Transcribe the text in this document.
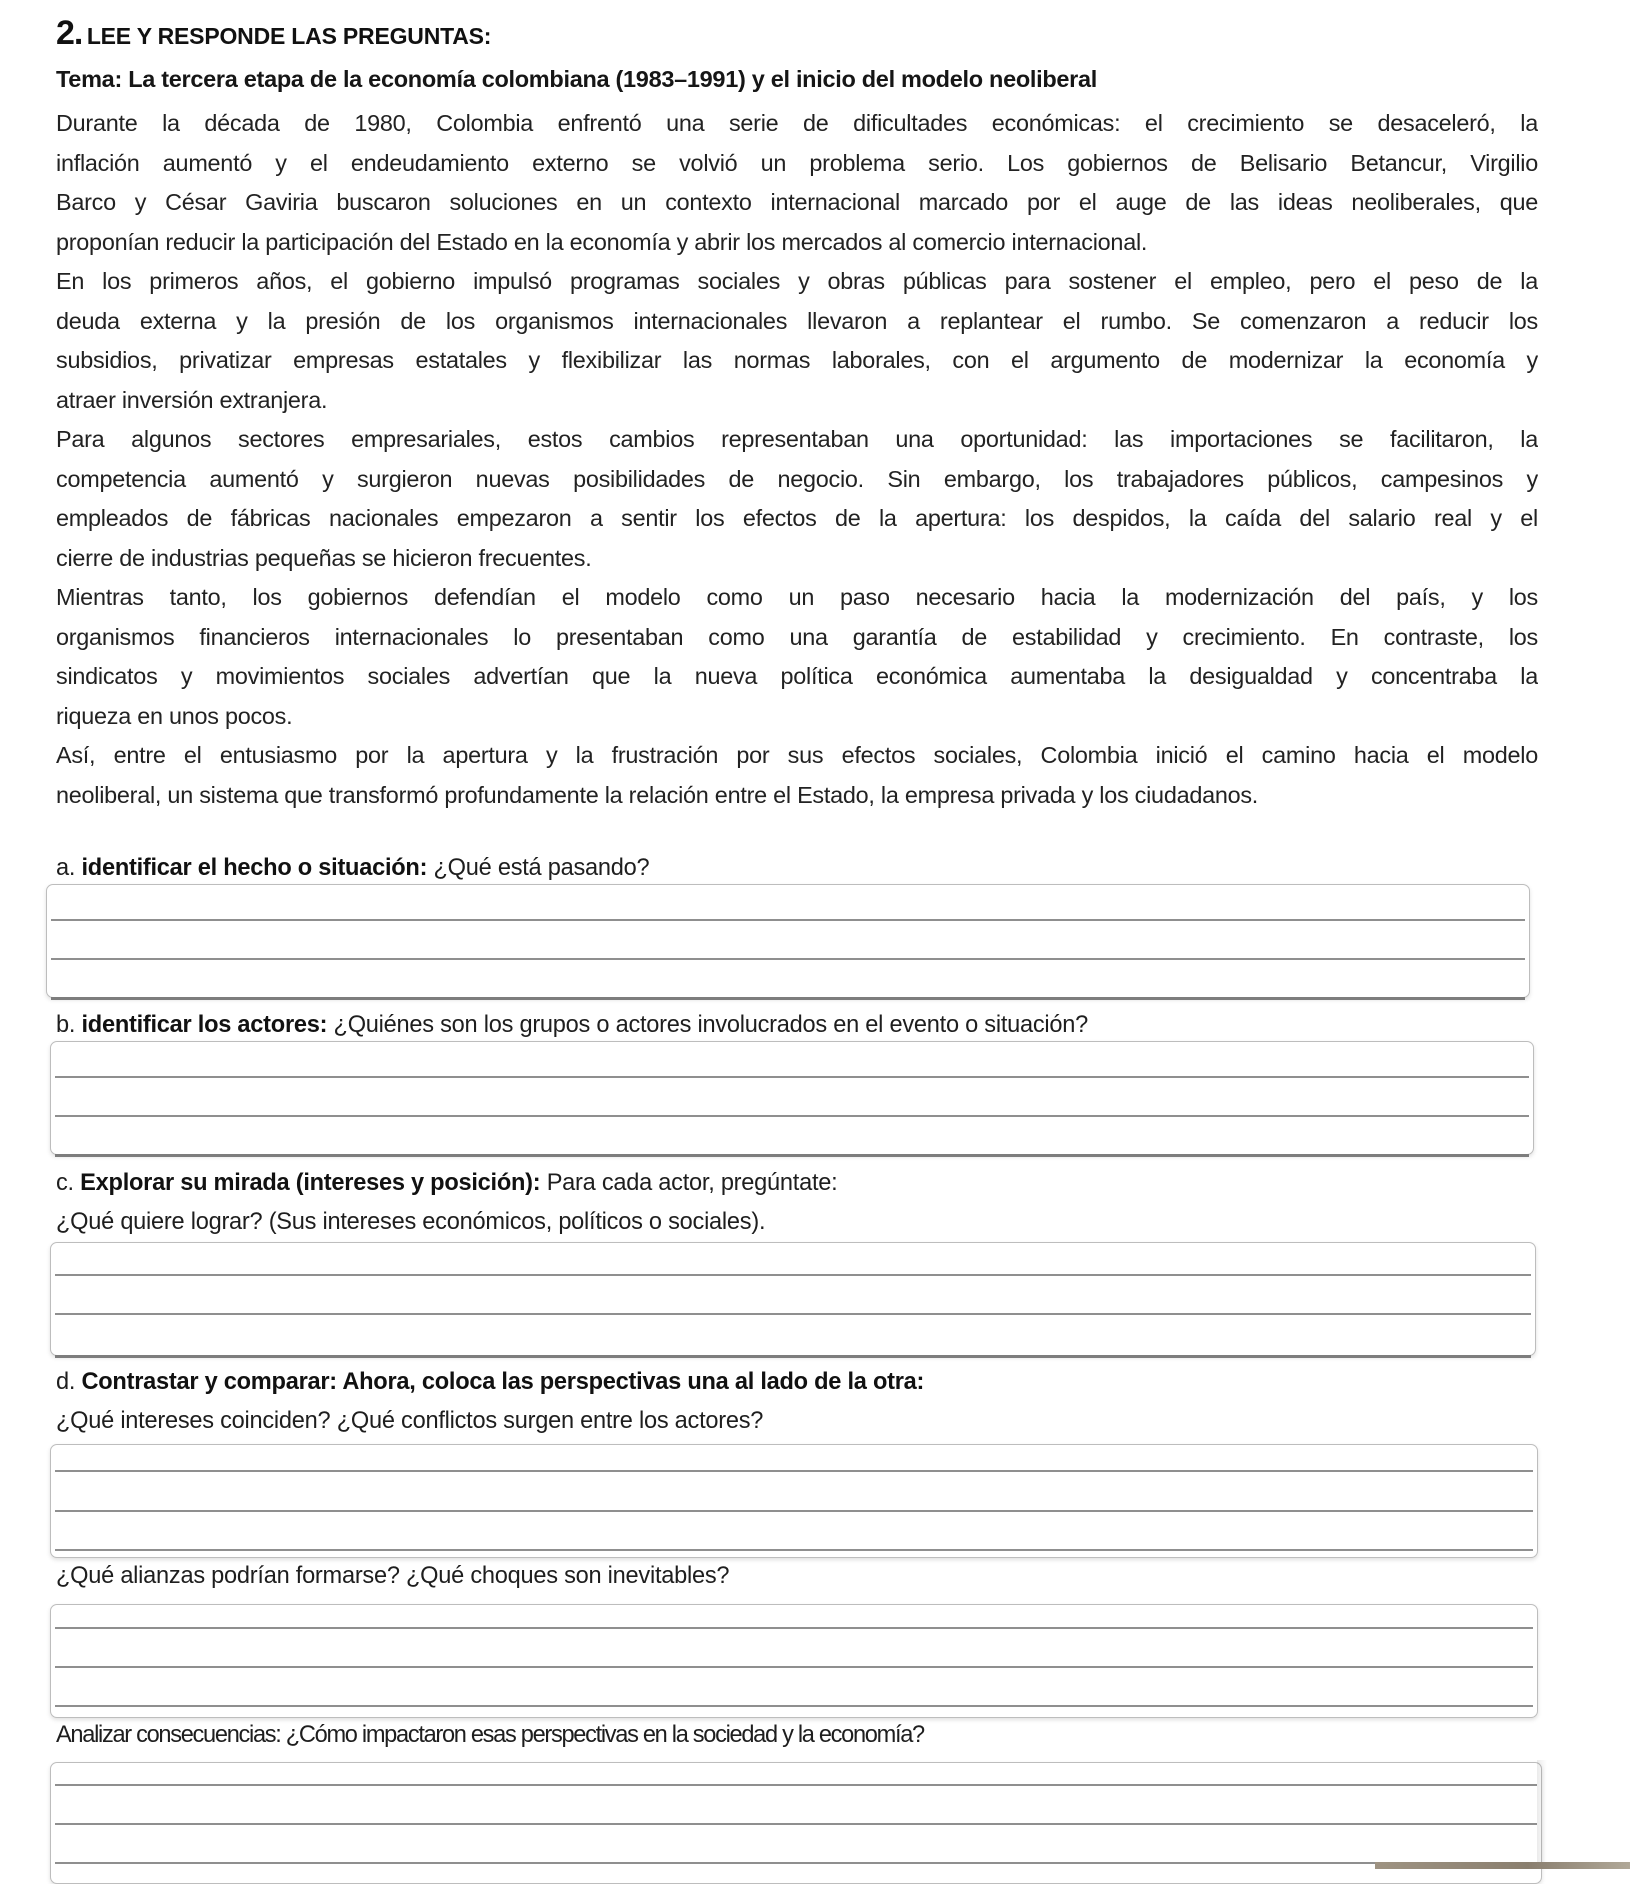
2. LEE Y RESPONDE LAS PREGUNTAS:
Tema: La tercera etapa de la economía colombiana (1983–1991) y el inicio del modelo neoliberal
Durante la década de 1980, Colombia enfrentó una serie de dificultades económicas: el crecimiento se desaceleró, la
inflación aumentó y el endeudamiento externo se volvió un problema serio. Los gobiernos de Belisario Betancur, Virgilio
Barco y César Gaviria buscaron soluciones en un contexto internacional marcado por el auge de las ideas neoliberales, que
proponían reducir la participación del Estado en la economía y abrir los mercados al comercio internacional.
En los primeros años, el gobierno impulsó programas sociales y obras públicas para sostener el empleo, pero el peso de la
deuda externa y la presión de los organismos internacionales llevaron a replantear el rumbo. Se comenzaron a reducir los
subsidios, privatizar empresas estatales y flexibilizar las normas laborales, con el argumento de modernizar la economía y
atraer inversión extranjera.
Para algunos sectores empresariales, estos cambios representaban una oportunidad: las importaciones se facilitaron, la
competencia aumentó y surgieron nuevas posibilidades de negocio. Sin embargo, los trabajadores públicos, campesinos y
empleados de fábricas nacionales empezaron a sentir los efectos de la apertura: los despidos, la caída del salario real y el
cierre de industrias pequeñas se hicieron frecuentes.
Mientras tanto, los gobiernos defendían el modelo como un paso necesario hacia la modernización del país, y los
organismos financieros internacionales lo presentaban como una garantía de estabilidad y crecimiento. En contraste, los
sindicatos y movimientos sociales advertían que la nueva política económica aumentaba la desigualdad y concentraba la
riqueza en unos pocos.
Así, entre el entusiasmo por la apertura y la frustración por sus efectos sociales, Colombia inició el camino hacia el modelo
neoliberal, un sistema que transformó profundamente la relación entre el Estado, la empresa privada y los ciudadanos.
a. identificar el hecho o situación: ¿Qué está pasando?
b. identificar los actores: ¿Quiénes son los grupos o actores involucrados en el evento o situación?
c. Explorar su mirada (intereses y posición): Para cada actor, pregúntate:
¿Qué quiere lograr? (Sus intereses económicos, políticos o sociales).
d. Contrastar y comparar: Ahora, coloca las perspectivas una al lado de la otra:
¿Qué intereses coinciden? ¿Qué conflictos surgen entre los actores?
¿Qué alianzas podrían formarse? ¿Qué choques son inevitables?
Analizar consecuencias: ¿Cómo impactaron esas perspectivas en la sociedad y la economía?
